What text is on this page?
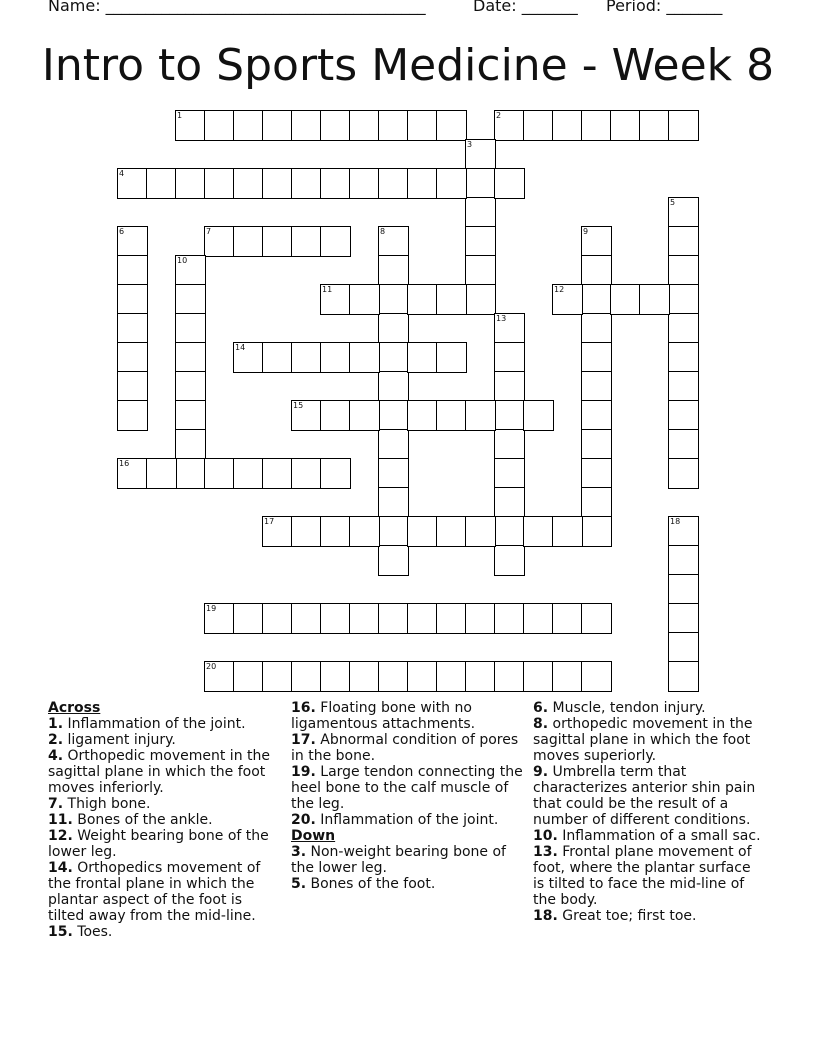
Name: ________________________________________	Date: _______ Period: _______
Intro to Sports Medicine - Week 8
1	2
3
4
5
6	7	8	9
10
11	12
13
14
15
16
17	18
19
20
Across
1. Inflammation of the joint.
2. ligament injury.
4. Orthopedic movement in the sagittal plane in which the foot moves inferiorly.
7. Thigh bone.
11. Bones of the ankle.
12. Weight bearing bone of the lower leg.
14. Orthopedics movement of the frontal plane in which the plantar aspect of the foot is tilted away from the mid-line.
15. Toes.
16. Floating bone with no ligamentous attachments.
17. Abnormal condition of pores in the bone.
19. Large tendon connecting the heel bone to the calf muscle of the leg.
20. Inflammation of the joint.
Down
3. Non-weight bearing bone of the lower leg.
5. Bones of the foot.
6. Muscle, tendon injury.
8. orthopedic movement in the sagittal plane in which the foot moves superiorly.
9. Umbrella term that characterizes anterior shin pain that could be the result of a number of different conditions.
10. Inflammation of a small sac.
13. Frontal plane movement of foot, where the plantar surface is tilted to face the mid-line of the body.
18. Great toe; first toe.
